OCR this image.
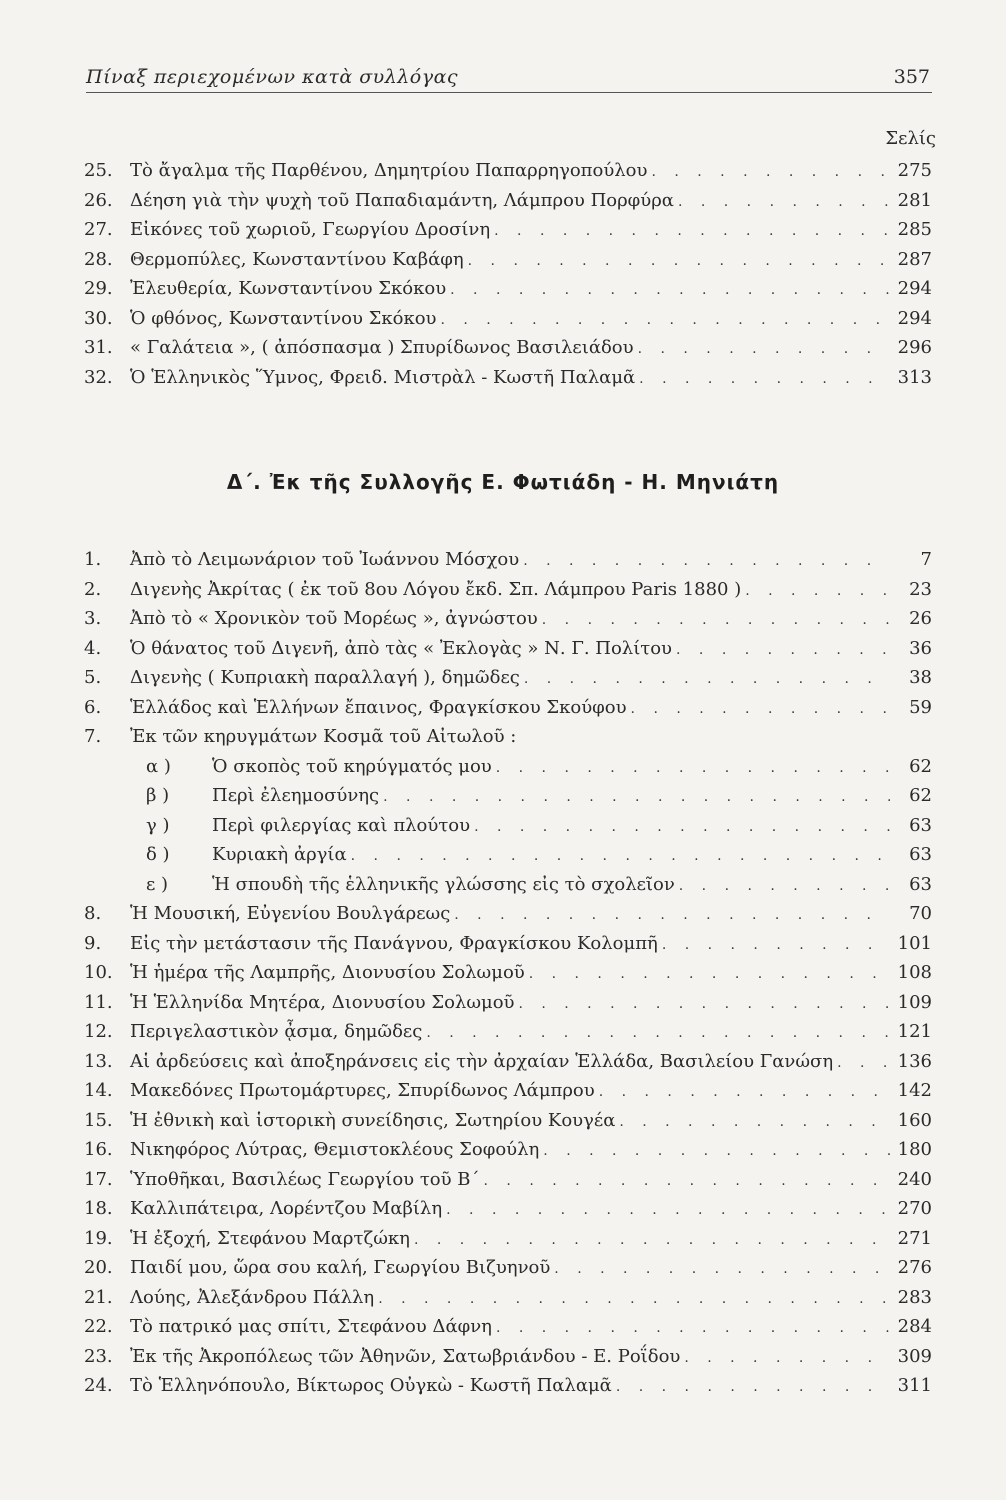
Πίναξ περιεχομένων κατὰ συλλόγας	357
Σελίς
25. Τὸ ἄγαλμα τῆς Παρθένου, Δημητρίου Παπαρρηγοπούλου . . .	275
26. Δέηση γιὰ τὴν ψυχὴ τοῦ Παπαδιαμάντη, Λάμπρου Πορφύρα . . .	281
27. Εἰκόνες τοῦ χωριοῦ, Γεωργίου Δροσίνη . . .	285
28. Θερμοπύλες, Κωνσταντίνου Καβάφη . . .	287
29. Ἐλευθερία, Κωνσταντίνου Σκόκου . . .	294
30. Ὁ φθόνος, Κωνσταντίνου Σκόκου . . .	294
31. « Γαλάτεια », ( ἀπόσπασμα ) Σπυρίδωνος Βασιλειάδου . . .	296
32. Ὁ Ἑλληνικὸς Ὕμνος, Φρειδ. Μιστρὰλ - Κωστῆ Παλαμᾶ . . .	313
Δ΄. Ἐκ τῆς Συλλογῆς Ε. Φωτιάδη - Η. Μηνιάτη
1.	Ἀπὸ τὸ Λειμωνάριον τοῦ Ἰωάννου Μόσχου . . .	7
2.	Διγενὴς Ἀκρίτας ( ἐκ τοῦ 8ου Λόγου ἔκδ. Σπ. Λάμπρου Paris 1880 ) . . .	23
3.	Ἀπὸ τὸ « Χρονικὸν τοῦ Μορέως », ἀγνώστου . . .	26
4.	Ὁ θάνατος τοῦ Διγενῆ, ἀπὸ τὰς « Ἐκλογὰς » Ν. Γ. Πολίτου . . .	36
5.	Διγενὴς ( Κυπριακὴ παραλλαγή ), δημῶδες . . .	38
6.	Ἑλλάδος καὶ Ἑλλήνων ἔπαινος, Φραγκίσκου Σκούφου . . .	59
7.	Ἐκ τῶν κηρυγμάτων Κοσμᾶ τοῦ Αἰτωλοῦ :
α )	Ὁ σκοπὸς τοῦ κηρύγματός μου . . .	62
β )	Περὶ ἐλεημοσύνης . . .	62
γ )	Περὶ φιλεργίας καὶ πλούτου . . .	63
δ )	Κυριακὴ ἀργία . . .	63
ε )	Ἡ σπουδὴ τῆς ἑλληνικῆς γλώσσης εἰς τὸ σχολεῖον . . .	63
8.	Ἡ Μουσική, Εὐγενίου Βουλγάρεως . . .	70
9.	Εἰς τὴν μετάστασιν τῆς Πανάγνου, Φραγκίσκου Κολομπῆ . . .	101
10. Ἡ ἡμέρα τῆς Λαμπρῆς, Διονυσίου Σολωμοῦ . . .	108
11. Ἡ Ἑλληνίδα Μητέρα, Διονυσίου Σολωμοῦ . . .	109
12. Περιγελαστικὸν ᾆσμα, δημῶδες . . .	121
13. Αἱ ἀρδεύσεις καὶ ἀποξηράνσεις εἰς τὴν ἀρχαίαν Ἑλλάδα, Βασιλείου Γανώση . . .	136
14. Μακεδόνες Πρωτομάρτυρες, Σπυρίδωνος Λάμπρου . . .	142
15. Ἡ ἐθνικὴ καὶ ἱστορικὴ συνείδησις, Σωτηρίου Κουγέα . . .	160
16. Νικηφόρος Λύτρας, Θεμιστοκλέους Σοφούλη . . .	180
17. Ὑποθῆκαι, Βασιλέως Γεωργίου τοῦ Β΄ . . .	240
18. Καλλιπάτειρα, Λορέντζου Μαβίλη . . .	270
19. Ἡ ἐξοχή, Στεφάνου Μαρτζώκη . . .	271
20. Παιδί μου, ὥρα σου καλή, Γεωργίου Βιζυηνοῦ . . .	276
21. Λούης, Ἀλεξάνδρου Πάλλη . . .	283
22. Τὸ πατρικό μας σπίτι, Στεφάνου Δάφνη . . .	284
23. Ἐκ τῆς Ἀκροπόλεως τῶν Ἀθηνῶν, Σατωβριάνδου - Ε. Ροΐδου . . .	309
24. Τὸ Ἑλληνόπουλο, Βίκτωρος Οὐγκὼ - Κωστῆ Παλαμᾶ . . .	311
